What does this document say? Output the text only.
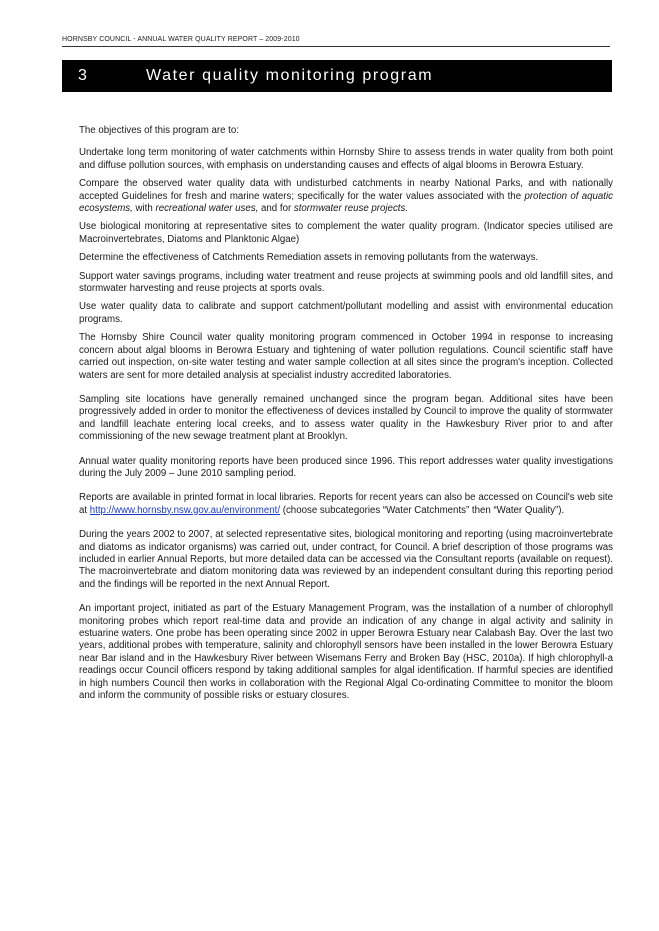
HORNSBY COUNCIL - ANNUAL WATER QUALITY REPORT – 2009-2010
3	Water quality monitoring program

The objectives of this program are to:

Undertake long term monitoring of water catchments within Hornsby Shire to assess trends in water quality from both point and diffuse pollution sources, with emphasis on understanding causes and effects of algal blooms in Berowra Estuary.

Compare the observed water quality data with undisturbed catchments in nearby National Parks, and with nationally accepted Guidelines for fresh and marine waters; specifically for the water values associated with the protection of aquatic ecosystems, with recreational water uses, and for stormwater reuse projects.

Use biological monitoring at representative sites to complement the water quality program. (Indicator species utilised are Macroinvertebrates, Diatoms and Planktonic Algae)

Determine the effectiveness of Catchments Remediation assets in removing pollutants from the waterways.

Support water savings programs, including water treatment and reuse projects at swimming pools and old landfill sites, and stormwater harvesting and reuse projects at sports ovals.

Use water quality data to calibrate and support catchment/pollutant modelling and assist with environmental education programs.

The Hornsby Shire Council water quality monitoring program commenced in October 1994 in response to increasing concern about algal blooms in Berowra Estuary and tightening of water pollution regulations. Council scientific staff have carried out inspection, on-site water testing and water sample collection at all sites since the program's inception. Collected waters are sent for more detailed analysis at specialist industry accredited laboratories.

Sampling site locations have generally remained unchanged since the program began. Additional sites have been progressively added in order to monitor the effectiveness of devices installed by Council to improve the quality of stormwater and landfill leachate entering local creeks, and to assess water quality in the Hawkesbury River prior to and after commissioning of the new sewage treatment plant at Brooklyn.

Annual water quality monitoring reports have been produced since 1996. This report addresses water quality investigations during the July 2009 – June 2010 sampling period.

Reports are available in printed format in local libraries. Reports for recent years can also be accessed on Council's web site at http://www.hornsby.nsw.gov.au/environment/ (choose subcategories “Water Catchments” then “Water Quality”).

During the years 2002 to 2007, at selected representative sites, biological monitoring and reporting (using macroinvertebrate and diatoms as indicator organisms) was carried out, under contract, for Council. A brief description of those programs was included in earlier Annual Reports, but more detailed data can be accessed via the Consultant reports (available on request). The macroinvertebrate and diatom monitoring data was reviewed by an independent consultant during this reporting period and the findings will be reported in the next Annual Report.

An important project, initiated as part of the Estuary Management Program, was the installation of a number of chlorophyll monitoring probes which report real-time data and provide an indication of any change in algal activity and salinity in estuarine waters. One probe has been operating since 2002 in upper Berowra Estuary near Calabash Bay. Over the last two years, additional probes with temperature, salinity and chlorophyll sensors have been installed in the lower Berowra Estuary near Bar island and in the Hawkesbury River between Wisemans Ferry and Broken Bay (HSC, 2010a). If high chlorophyll-a readings occur Council officers respond by taking additional samples for algal identification. If harmful species are identified in high numbers Council then works in collaboration with the Regional Algal Co-ordinating Committee to monitor the bloom and inform the community of possible risks or estuary closures.
